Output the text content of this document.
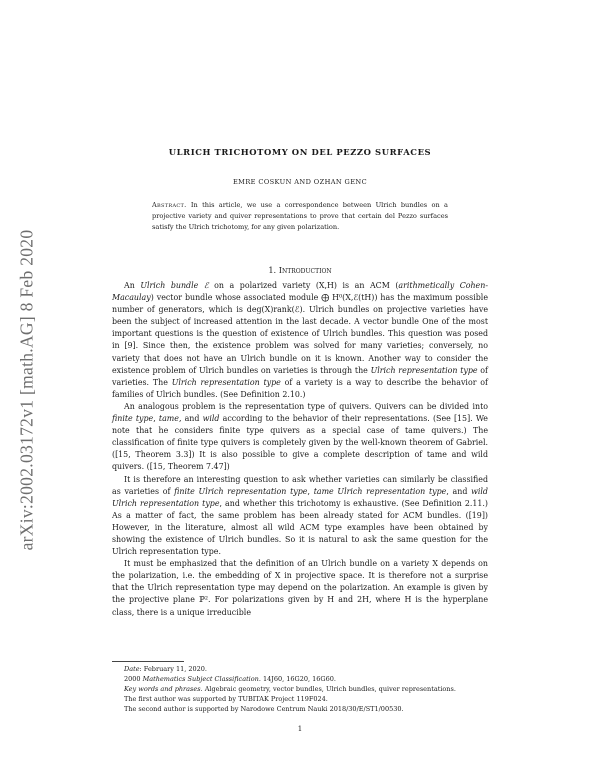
arXiv:2002.03172v1 [math.AG] 8 Feb 2020
ULRICH TRICHOTOMY ON DEL PEZZO SURFACES
EMRE COSKUN AND OZHAN GENC
Abstract. In this article, we use a correspondence between Ulrich bundles on a projective variety and quiver representations to prove that certain del Pezzo surfaces satisfy the Ulrich trichotomy, for any given polarization.
1. Introduction

An Ulrich bundle ℰ on a polarized variety (X,H) is an ACM (arithmetically Cohen-Macaulay) vector bundle whose associated module ⨁ H⁰(X,ℰ(tH)) has the maximum possible number of generators, which is deg(X)rank(ℰ). Ulrich bundles on projective varieties have been the subject of increased attention in the last decade. A vector bundle One of the most important questions is the question of existence of Ulrich bundles. This question was posed in [9]. Since then, the existence problem was solved for many varieties; conversely, no variety that does not have an Ulrich bundle on it is known. Another way to consider the existence problem of Ulrich bundles on varieties is through the Ulrich representation type of varieties. The Ulrich representation type of a variety is a way to describe the behavior of families of Ulrich bundles. (See Definition 2.10.)

An analogous problem is the representation type of quivers. Quivers can be divided into finite type, tame, and wild according to the behavior of their representations. (See [15]. We note that he considers finite type quivers as a special case of tame quivers.) The classification of finite type quivers is completely given by the well-known theorem of Gabriel. ([15, Theorem 3.3]) It is also possible to give a complete description of tame and wild quivers. ([15, Theorem 7.47])

It is therefore an interesting question to ask whether varieties can similarly be classified as varieties of finite Ulrich representation type, tame Ulrich representation type, and wild Ulrich representation type, and whether this trichotomy is exhaustive. (See Definition 2.11.) As a matter of fact, the same problem has been already stated for ACM bundles. ([19]) However, in the literature, almost all wild ACM type examples have been obtained by showing the existence of Ulrich bundles. So it is natural to ask the same question for the Ulrich representation type.

It must be emphasized that the definition of an Ulrich bundle on a variety X depends on the polarization, i.e. the embedding of X in projective space. It is therefore not a surprise that the Ulrich representation type may depend on the polarization. An example is given by the projective plane ℙ². For polarizations given by H and 2H, where H is the hyperplane class, there is a unique irreducible

Date: February 11, 2020.
2000 Mathematics Subject Classification. 14J60, 16G20, 16G60.
Key words and phrases. Algebraic geometry, vector bundles, Ulrich bundles, quiver representations.
The first author was supported by TUBITAK Project 119F024.
The second author is supported by Narodowe Centrum Nauki 2018/30/E/ST1/00530.
1
